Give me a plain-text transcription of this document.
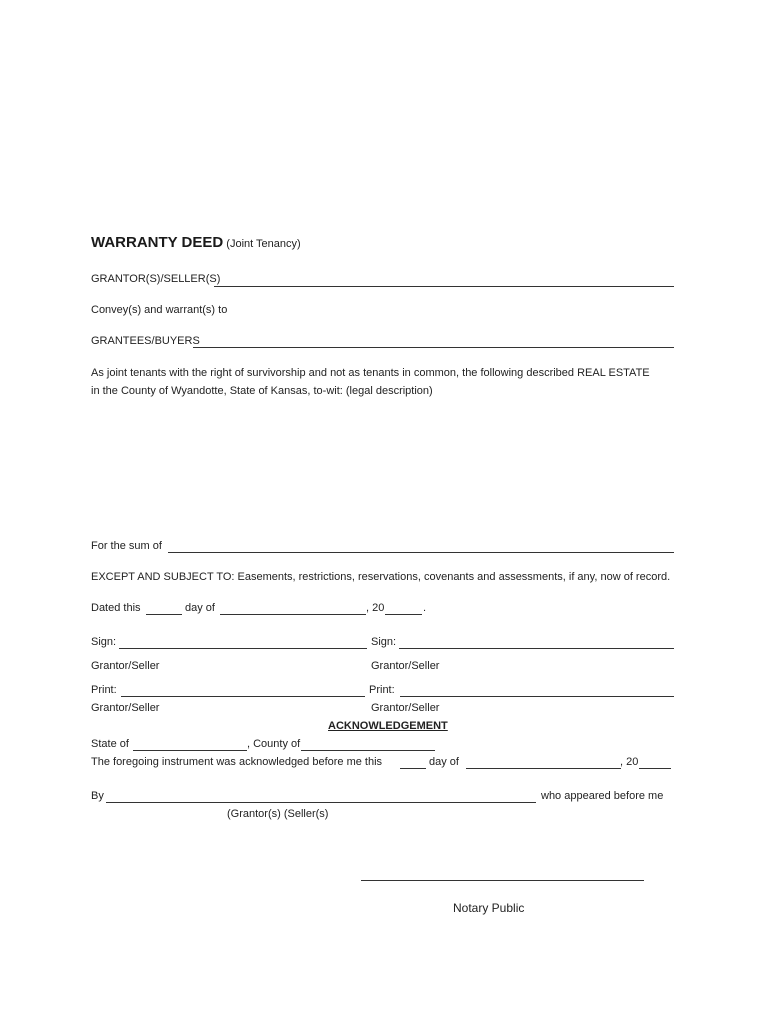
WARRANTY DEED (Joint Tenancy)
GRANTOR(S)/SELLER(S)
Convey(s) and warrant(s) to
GRANTEES/BUYERS
As joint tenants with the right of survivorship and not as tenants in common, the following described REAL ESTATE
in the County of Wyandotte, State of Kansas, to-wit: (legal description)
For the sum of
EXCEPT AND SUBJECT TO: Easements, restrictions, reservations, covenants and assessments, if any, now of record.
Dated this	day of	, 20	.
Sign:	Sign:
Grantor/Seller	Grantor/Seller
Print:	Print:
Grantor/Seller	Grantor/Seller
ACKNOWLEDGEMENT
State of	, County of
The foregoing instrument was acknowledged before me this	day of	, 20
By	who appeared before me
(Grantor(s) (Seller(s)
Notary Public
